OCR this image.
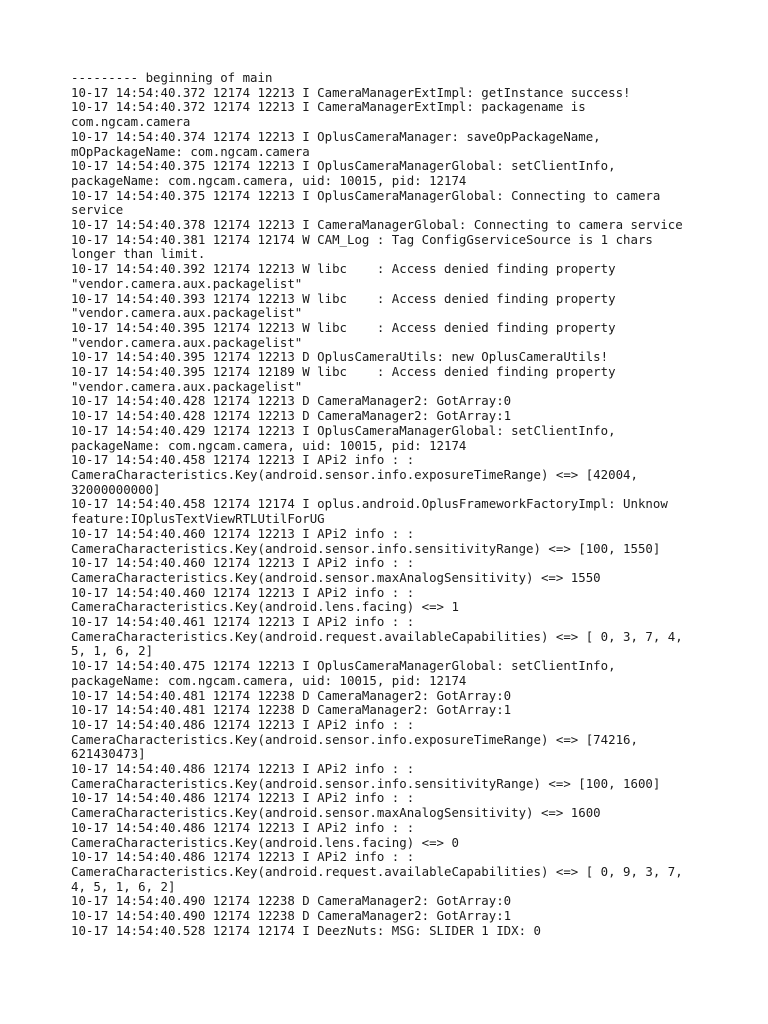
--------- beginning of main
10-17 14:54:40.372 12174 12213 I CameraManagerExtImpl: getInstance success!
10-17 14:54:40.372 12174 12213 I CameraManagerExtImpl: packagename is
com.ngcam.camera
10-17 14:54:40.374 12174 12213 I OplusCameraManager: saveOpPackageName,
mOpPackageName: com.ngcam.camera
10-17 14:54:40.375 12174 12213 I OplusCameraManagerGlobal: setClientInfo,
packageName: com.ngcam.camera, uid: 10015, pid: 12174
10-17 14:54:40.375 12174 12213 I OplusCameraManagerGlobal: Connecting to camera
service
10-17 14:54:40.378 12174 12213 I CameraManagerGlobal: Connecting to camera service
10-17 14:54:40.381 12174 12174 W CAM_Log : Tag ConfigGserviceSource is 1 chars
longer than limit.
10-17 14:54:40.392 12174 12213 W libc    : Access denied finding property
"vendor.camera.aux.packagelist"
10-17 14:54:40.393 12174 12213 W libc    : Access denied finding property
"vendor.camera.aux.packagelist"
10-17 14:54:40.395 12174 12213 W libc    : Access denied finding property
"vendor.camera.aux.packagelist"
10-17 14:54:40.395 12174 12213 D OplusCameraUtils: new OplusCameraUtils!
10-17 14:54:40.395 12174 12189 W libc    : Access denied finding property
"vendor.camera.aux.packagelist"
10-17 14:54:40.428 12174 12213 D CameraManager2: GotArray:0
10-17 14:54:40.428 12174 12213 D CameraManager2: GotArray:1
10-17 14:54:40.429 12174 12213 I OplusCameraManagerGlobal: setClientInfo,
packageName: com.ngcam.camera, uid: 10015, pid: 12174
10-17 14:54:40.458 12174 12213 I APi2 info : :
CameraCharacteristics.Key(android.sensor.info.exposureTimeRange) <=> [42004,
32000000000]
10-17 14:54:40.458 12174 12174 I oplus.android.OplusFrameworkFactoryImpl: Unknow
feature:IOplusTextViewRTLUtilForUG
10-17 14:54:40.460 12174 12213 I APi2 info : :
CameraCharacteristics.Key(android.sensor.info.sensitivityRange) <=> [100, 1550]
10-17 14:54:40.460 12174 12213 I APi2 info : :
CameraCharacteristics.Key(android.sensor.maxAnalogSensitivity) <=> 1550
10-17 14:54:40.460 12174 12213 I APi2 info : :
CameraCharacteristics.Key(android.lens.facing) <=> 1
10-17 14:54:40.461 12174 12213 I APi2 info : :
CameraCharacteristics.Key(android.request.availableCapabilities) <=> [ 0, 3, 7, 4,
5, 1, 6, 2]
10-17 14:54:40.475 12174 12213 I OplusCameraManagerGlobal: setClientInfo,
packageName: com.ngcam.camera, uid: 10015, pid: 12174
10-17 14:54:40.481 12174 12238 D CameraManager2: GotArray:0
10-17 14:54:40.481 12174 12238 D CameraManager2: GotArray:1
10-17 14:54:40.486 12174 12213 I APi2 info : :
CameraCharacteristics.Key(android.sensor.info.exposureTimeRange) <=> [74216,
621430473]
10-17 14:54:40.486 12174 12213 I APi2 info : :
CameraCharacteristics.Key(android.sensor.info.sensitivityRange) <=> [100, 1600]
10-17 14:54:40.486 12174 12213 I APi2 info : :
CameraCharacteristics.Key(android.sensor.maxAnalogSensitivity) <=> 1600
10-17 14:54:40.486 12174 12213 I APi2 info : :
CameraCharacteristics.Key(android.lens.facing) <=> 0
10-17 14:54:40.486 12174 12213 I APi2 info : :
CameraCharacteristics.Key(android.request.availableCapabilities) <=> [ 0, 9, 3, 7,
4, 5, 1, 6, 2]
10-17 14:54:40.490 12174 12238 D CameraManager2: GotArray:0
10-17 14:54:40.490 12174 12238 D CameraManager2: GotArray:1
10-17 14:54:40.528 12174 12174 I DeezNuts: MSG: SLIDER 1 IDX: 0
